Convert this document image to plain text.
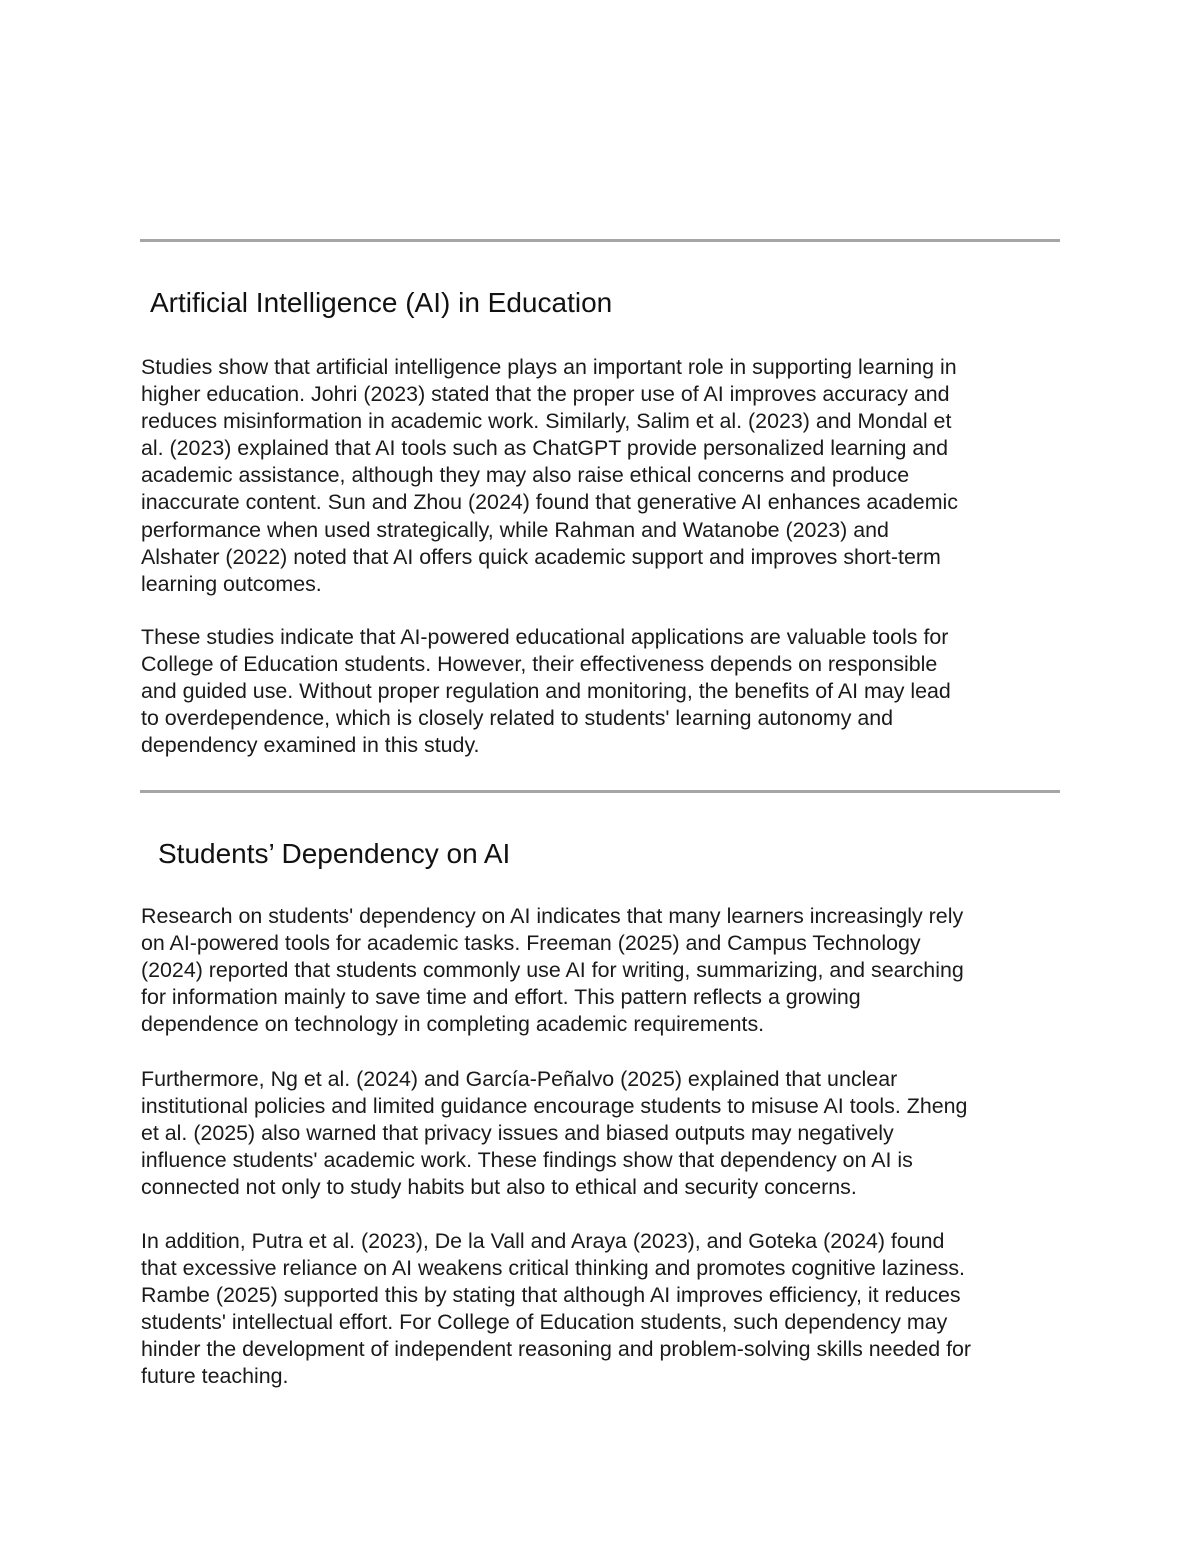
Artificial Intelligence (AI) in Education

Studies show that artificial intelligence plays an important role in supporting learning in
higher education. Johri (2023) stated that the proper use of AI improves accuracy and
reduces misinformation in academic work. Similarly, Salim et al. (2023) and Mondal et
al. (2023) explained that AI tools such as ChatGPT provide personalized learning and
academic assistance, although they may also raise ethical concerns and produce
inaccurate content. Sun and Zhou (2024) found that generative AI enhances academic
performance when used strategically, while Rahman and Watanobe (2023) and
Alshater (2022) noted that AI offers quick academic support and improves short-term
learning outcomes.

These studies indicate that AI-powered educational applications are valuable tools for
College of Education students. However, their effectiveness depends on responsible
and guided use. Without proper regulation and monitoring, the benefits of AI may lead
to overdependence, which is closely related to students' learning autonomy and
dependency examined in this study.

Students’ Dependency on AI

Research on students' dependency on AI indicates that many learners increasingly rely
on AI-powered tools for academic tasks. Freeman (2025) and Campus Technology
(2024) reported that students commonly use AI for writing, summarizing, and searching
for information mainly to save time and effort. This pattern reflects a growing
dependence on technology in completing academic requirements.

Furthermore, Ng et al. (2024) and García-Peñalvo (2025) explained that unclear
institutional policies and limited guidance encourage students to misuse AI tools. Zheng
et al. (2025) also warned that privacy issues and biased outputs may negatively
influence students' academic work. These findings show that dependency on AI is
connected not only to study habits but also to ethical and security concerns.

In addition, Putra et al. (2023), De la Vall and Araya (2023), and Goteka (2024) found
that excessive reliance on AI weakens critical thinking and promotes cognitive laziness.
Rambe (2025) supported this by stating that although AI improves efficiency, it reduces
students' intellectual effort. For College of Education students, such dependency may
hinder the development of independent reasoning and problem-solving skills needed for
future teaching.
